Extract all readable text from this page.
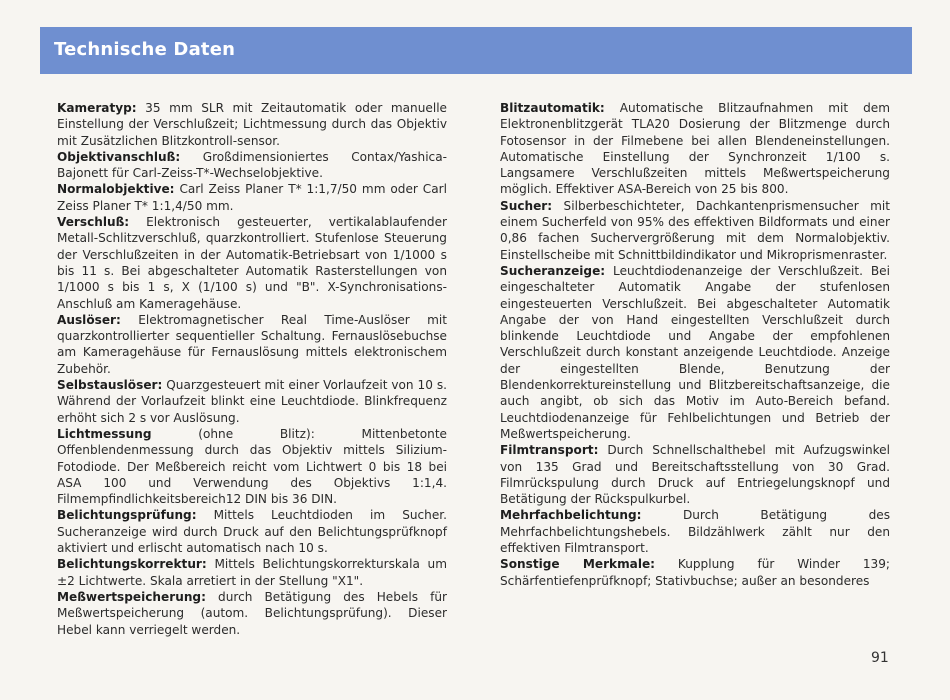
Technische Daten

Kameratyp: 35 mm SLR mit Zeitautomatik oder manuelle Einstellung der Verschlußzeit; Lichtmessung durch das Objektiv mit Zusätzlichen Blitzkontroll-sensor.

Objektivanschluß: Großdimensioniertes Contax/Yashica-Bajonett für Carl-Zeiss-T*-Wechselobjektive.

Normalobjektive: Carl Zeiss Planer T* 1:1,7/50 mm oder Carl Zeiss Planer T* 1:1,4/50 mm.

Verschluß: Elektronisch gesteuerter, vertikalablaufender Metall-Schlitzverschluß, quarzkontrolliert. Stufenlose Steuerung der Verschlußzeiten in der Automatik-Betriebsart von 1/1000 s bis 11 s. Bei abgeschalteter Automatik Rasterstellungen von 1/1000 s bis 1 s, X (1/100 s) und "B". X-Synchronisations-Anschluß am Kameragehäuse.

Auslöser: Elektromagnetischer Real Time-Auslöser mit quarzkontrollierter sequentieller Schaltung. Fernauslösebuchse am Kameragehäuse für Fernauslösung mittels elektronischem Zubehör.

Selbstauslöser: Quarzgesteuert mit einer Vorlaufzeit von 10 s. Während der Vorlaufzeit blinkt eine Leuchtdiode. Blinkfrequenz erhöht sich 2 s vor Auslösung.

Lichtmessung	(ohne Blitz): Mittenbetonte Offenblendenmessung durch das Objektiv mittels Silizium-Fotodiode. Der Meßbereich reicht vom Lichtwert 0 bis 18 bei ASA 100 und Verwendung des Objektivs 1:1,4. Filmempfindlichkeitsbereich12 DIN bis 36 DIN.

Belichtungsprüfung: Mittels Leuchtdioden im Sucher. Sucheranzeige wird durch Druck auf den Belichtungsprüfknopf aktiviert und erlischt automatisch nach 10 s.

Belichtungskorrektur: Mittels Belichtungskorrekturskala um ±2 Lichtwerte. Skala arretiert in der Stellung "X1".

Meßwertspeicherung: durch Betätigung des Hebels für Meßwertspeicherung (autom. Belichtungsprüfung). Dieser Hebel kann verriegelt werden.

Blitzautomatik: Automatische Blitzaufnahmen mit dem Elektronenblitzgerät TLA20 Dosierung der Blitzmenge durch Fotosensor in der Filmebene bei allen Blendeneinstellungen. Automatische Einstellung der Synchronzeit 1/100 s. Langsamere Verschlußzeiten mittels Meßwertspeicherung möglich. Effektiver ASA-Bereich von 25 bis 800.

Sucher: Silberbeschichteter, Dachkantenprismensucher mit einem Sucherfeld von 95% des effektiven Bildformats und einer 0,86 fachen Suchervergrößerung mit dem Normalobjektiv. Einstellscheibe mit Schnittbildindikator und Mikroprismenraster.

Sucheranzeige: Leuchtdiodenanzeige der Verschlußzeit. Bei eingeschalteter Automatik Angabe der stufenlosen eingesteuerten Verschlußzeit. Bei abgeschalteter Automatik Angabe der von Hand eingestellten Verschlußzeit durch blinkende Leuchtdiode und Angabe der empfohlenen Verschlußzeit durch konstant anzeigende Leuchtdiode. Anzeige der eingestellten Blende, Benutzung der Blendenkorrektureinstellung und Blitzbereitschaftsanzeige, die auch angibt, ob sich das Motiv im Auto-Bereich befand. Leuchtdiodenanzeige für Fehlbelichtungen und Betrieb der Meßwertspeicherung.

Filmtransport: Durch Schnellschalthebel mit Aufzugswinkel von 135 Grad und Bereitschaftsstellung von 30 Grad. Filmrückspulung durch Druck auf Entriegelungsknopf und Betätigung der Rückspulkurbel.

Mehrfachbelichtung:	Durch Betätigung des Mehrfachbelichtungshebels. Bildzählwerk zählt nur den effektiven Filmtransport.

Sonstige Merkmale: Kupplung für Winder 139; Schärfentiefenprüfknopf; Stativbuchse; außer an besonderes

91
